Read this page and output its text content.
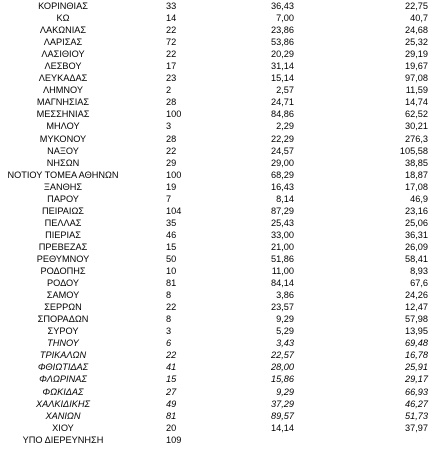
ΚΟΡΙΝΘΙΑΣ	33	36,43	22,75
ΚΩ	14	7,00	40,7
ΛΑΚΩΝΙΑΣ	22	23,86	24,68
ΛΑΡΙΣΑΣ	72	53,86	25,32
ΛΑΣΙΘΙΟΥ	22	20,29	29,19
ΛΕΣΒΟΥ	17	31,14	19,67
ΛΕΥΚΑΔΑΣ	23	15,14	97,08
ΛΗΜΝΟΥ	2	2,57	11,59
ΜΑΓΝΗΣΙΑΣ	28	24,71	14,74
ΜΕΣΣΗΝΙΑΣ	100	84,86	62,52
ΜΗΛΟΥ	3	2,29	30,21
ΜΥΚΟΝΟΥ	28	22,29	276,3
ΝΑΞΟΥ	22	24,57	105,58
ΝΗΣΩΝ	29	29,00	38,85
ΝΟΤΙΟΥ ΤΟΜΕΑ ΑΘΗΝΩΝ	100	68,29	18,87
ΞΑΝΘΗΣ	19	16,43	17,08
ΠΑΡΟΥ	7	8,14	46,9
ΠΕΙΡΑΙΩΣ	104	87,29	23,16
ΠΕΛΛΑΣ	35	25,43	25,06
ΠΙΕΡΙΑΣ	46	33,00	36,31
ΠΡΕΒΕΖΑΣ	15	21,00	26,09
ΡΕΘΥΜΝΟΥ	50	51,86	58,41
ΡΟΔΟΠΗΣ	10	11,00	8,93
ΡΟΔΟΥ	81	84,14	67,6
ΣΑΜΟΥ	8	3,86	24,26
ΣΕΡΡΩΝ	22	23,57	12,47
ΣΠΟΡΑΔΩΝ	8	9,29	57,98
ΣΥΡΟΥ	3	5,29	13,95
ΤΗΝΟΥ	6	3,43	69,48
ΤΡΙΚΑΛΩΝ	22	22,57	16,78
ΦΘΙΩΤΙΔΑΣ	41	28,00	25,91
ΦΛΩΡΙΝΑΣ	15	15,86	29,17
ΦΩΚΙΔΑΣ	27	9,29	66,93
ΧΑΛΚΙΔΙΚΗΣ	49	37,29	46,27
ΧΑΝΙΩΝ	81	89,57	51,73
ΧΙΟΥ	20	14,14	37,97
ΥΠΟ ΔΙΕΡΕΥΝΗΣΗ	109
